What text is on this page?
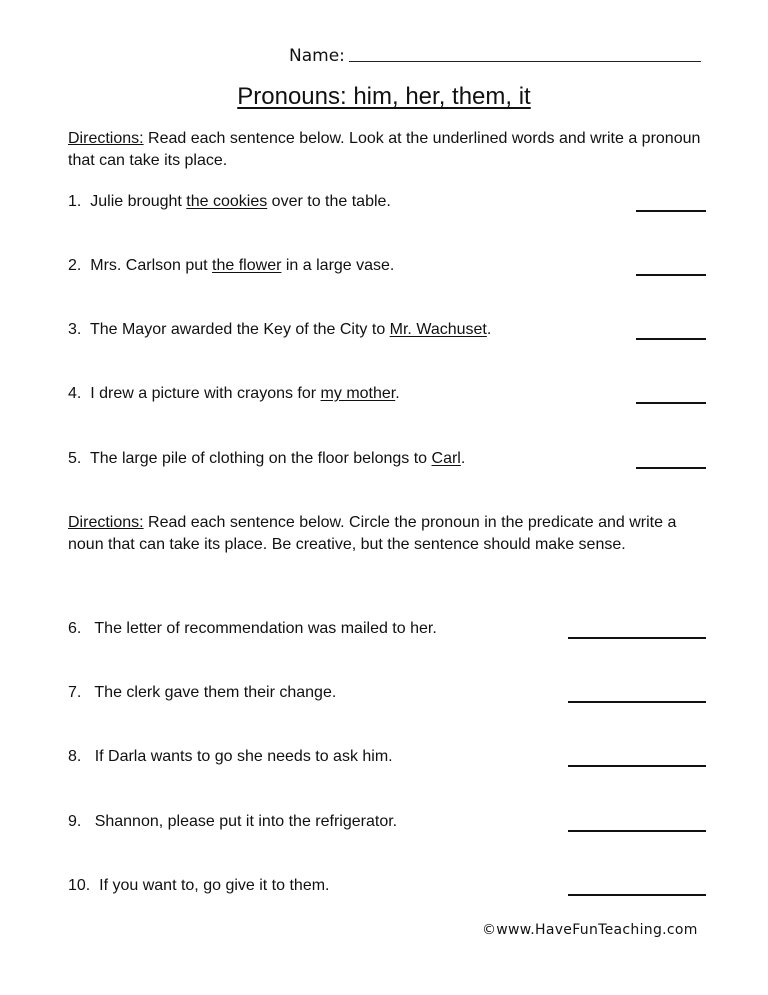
Name:
Pronouns: him, her, them, it
Directions: Read each sentence below. Look at the underlined words and write a pronoun that can take its place.
1. Julie brought the cookies over to the table.
2. Mrs. Carlson put the flower in a large vase.
3. The Mayor awarded the Key of the City to Mr. Wachuset.
4. I drew a picture with crayons for my mother.
5. The large pile of clothing on the floor belongs to Carl.
Directions: Read each sentence below. Circle the pronoun in the predicate and write a noun that can take its place. Be creative, but the sentence should make sense.
6. The letter of recommendation was mailed to her.
7. The clerk gave them their change.
8. If Darla wants to go she needs to ask him.
9. Shannon, please put it into the refrigerator.
10. If you want to, go give it to them.
©www.HaveFunTeaching.com
